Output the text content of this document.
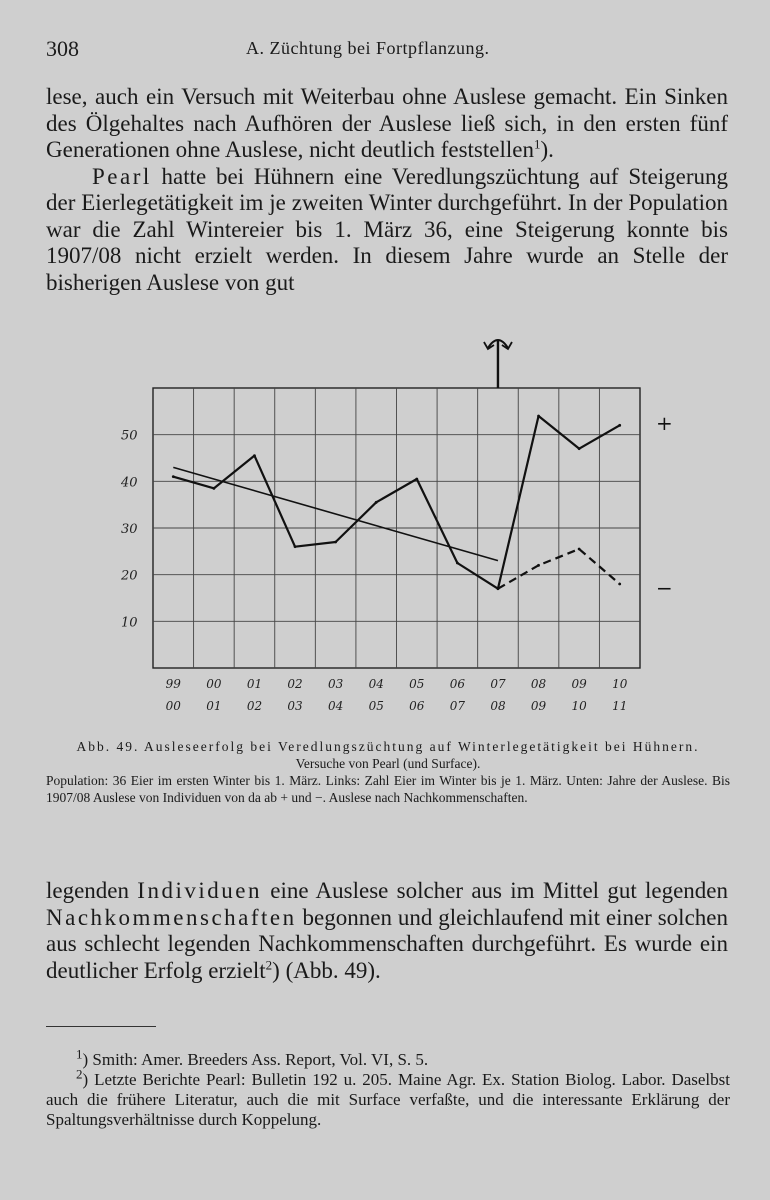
308	A. Züchtung bei Fortpflanzung.

lese, auch ein Versuch mit Weiterbau ohne Auslese gemacht. Ein Sinken des Ölgehaltes nach Aufhören der Auslese ließ sich, in den ersten fünf Generationen ohne Auslese, nicht deutlich feststellen$^1$).

Pearl hatte bei Hühnern eine Veredlungszüchtung auf Steigerung der Eierlegetätigkeit im je zweiten Winter durchgeführt. In der Population war die Zahl Wintereier bis 1. März 36, eine Steigerung konnte bis 1907/08 nicht erzielt werden. In diesem Jahre wurde an Stelle der bisherigen Auslese von gut

50
40
30
20
10
99 00 01 02 03 04 05 06 07 08 09 10
00 01 02 03 04 05 06 07 08 09 10 11
+
−
Abb. 49. Ausleseerfolg bei Veredlungszüchtung auf Winterlegetätigkeit bei Hühnern.
Versuche von Pearl (und Surface).
Population: 36 Eier im ersten Winter bis 1. März. Links: Zahl Eier im Winter bis je 1. März. Unten: Jahre der Auslese. Bis 1907/08 Auslese von Individuen von da ab + und −. Auslese nach Nachkommenschaften.

legenden Individuen eine Auslese solcher aus im Mittel gut legenden Nachkommenschaften begonnen und gleichlaufend mit einer solchen aus schlecht legenden Nachkommenschaften durchgeführt. Es wurde ein deutlicher Erfolg erzielt$^2$) (Abb. 49).

$^1$) Smith: Amer. Breeders Ass. Report, Vol. VI, S. 5.

$^2$) Letzte Berichte Pearl: Bulletin 192 u. 205. Maine Agr. Ex. Station Biolog. Labor. Daselbst auch die frühere Literatur, auch die mit Surface verfaßte, und die interessante Erklärung der Spaltungsverhältnisse durch Koppelung.
